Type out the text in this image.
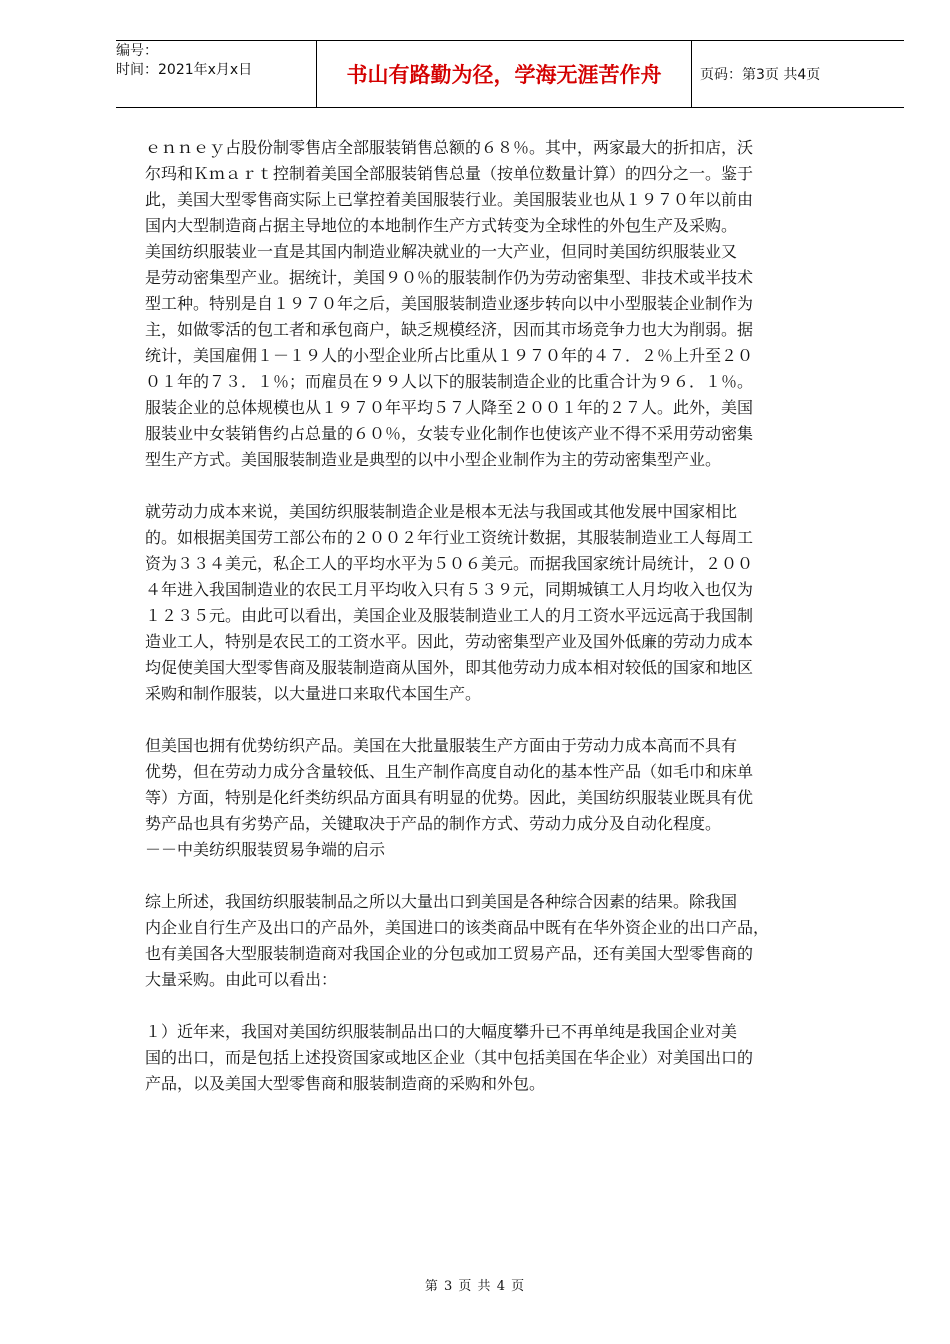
编号：
时间：2021年x月x日	书山有路勤为径，学海无涯苦作舟	页码：第3页 共4页

ｅｎｎｅｙ占股份制零售店全部服装销售总额的６８％。其中，两家最大的折扣店，沃
尔玛和Ｋｍａｒｔ控制着美国全部服装销售总量（按单位数量计算）的四分之一。鉴于
此，美国大型零售商实际上已掌控着美国服装行业。美国服装业也从１９７０年以前由
国内大型制造商占据主导地位的本地制作生产方式转变为全球性的外包生产及采购。

美国纺织服装业一直是其国内制造业解决就业的一大产业，但同时美国纺织服装业又
是劳动密集型产业。据统计，美国９０％的服装制作仍为劳动密集型、非技术或半技术
型工种。特别是自１９７０年之后，美国服装制造业逐步转向以中小型服装企业制作为
主，如做零活的包工者和承包商户，缺乏规模经济，因而其市场竞争力也大为削弱。据
统计，美国雇佣１－１９人的小型企业所占比重从１９７０年的４７．２％上升至２０
０１年的７３．１％；而雇员在９９人以下的服装制造企业的比重合计为９６．１％。
服装企业的总体规模也从１９７０年平均５７人降至２００１年的２７人。此外，美国
服装业中女装销售约占总量的６０％，女装专业化制作也使该产业不得不采用劳动密集
型生产方式。美国服装制造业是典型的以中小型企业制作为主的劳动密集型产业。

就劳动力成本来说，美国纺织服装制造企业是根本无法与我国或其他发展中国家相比
的。如根据美国劳工部公布的２００２年行业工资统计数据，其服装制造业工人每周工
资为３３４美元，私企工人的平均水平为５０６美元。而据我国家统计局统计，２００
４年进入我国制造业的农民工月平均收入只有５３９元，同期城镇工人月均收入也仅为
１２３５元。由此可以看出，美国企业及服装制造业工人的月工资水平远远高于我国制
造业工人，特别是农民工的工资水平。因此，劳动密集型产业及国外低廉的劳动力成本
均促使美国大型零售商及服装制造商从国外，即其他劳动力成本相对较低的国家和地区
采购和制作服装，以大量进口来取代本国生产。

但美国也拥有优势纺织产品。美国在大批量服装生产方面由于劳动力成本高而不具有
优势，但在劳动力成分含量较低、且生产制作高度自动化的基本性产品（如毛巾和床单
等）方面，特别是化纤类纺织品方面具有明显的优势。因此，美国纺织服装业既具有优
势产品也具有劣势产品，关键取决于产品的制作方式、劳动力成分及自动化程度。

－－中美纺织服装贸易争端的启示

综上所述，我国纺织服装制品之所以大量出口到美国是各种综合因素的结果。除我国
内企业自行生产及出口的产品外，美国进口的该类商品中既有在华外资企业的出口产品，
也有美国各大型服装制造商对我国企业的分包或加工贸易产品，还有美国大型零售商的
大量采购。由此可以看出：

１）近年来，我国对美国纺织服装制品出口的大幅度攀升已不再单纯是我国企业对美
国的出口，而是包括上述投资国家或地区企业（其中包括美国在华企业）对美国出口的
产品，以及美国大型零售商和服装制造商的采购和外包。

第 3 页 共 4 页
